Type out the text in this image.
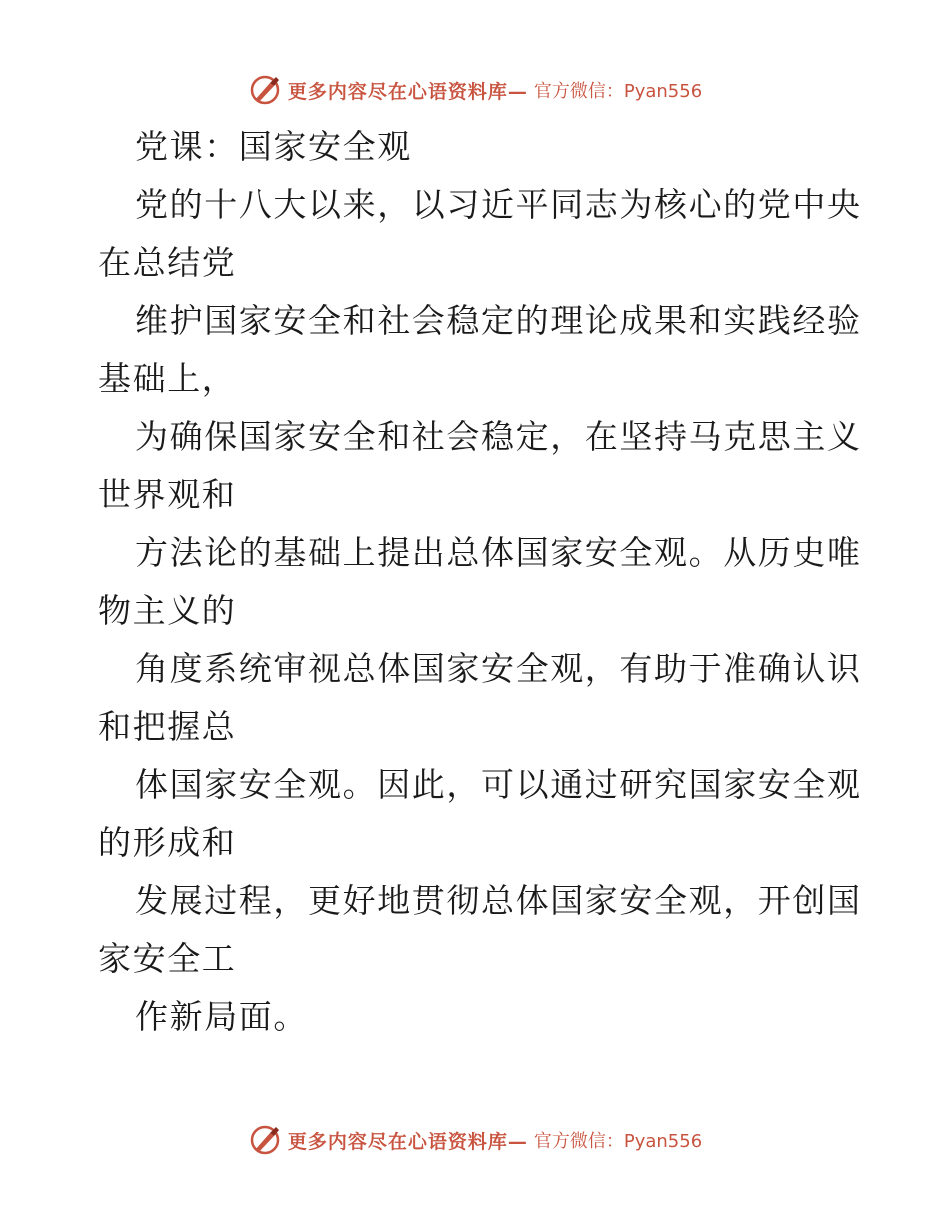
更多内容尽在心语资料库— 官方微信：Pyan556
党课：国家安全观
党的十八大以来，以习近平同志为核心的党中央
在总结党
维护国家安全和社会稳定的理论成果和实践经验
基础上，
为确保国家安全和社会稳定，在坚持马克思主义
世界观和
方法论的基础上提出总体国家安全观。从历史唯
物主义的
角度系统审视总体国家安全观，有助于准确认识
和把握总
体国家安全观。因此，可以通过研究国家安全观
的形成和
发展过程，更好地贯彻总体国家安全观，开创国
家安全工
作新局面。
更多内容尽在心语资料库— 官方微信：Pyan556
